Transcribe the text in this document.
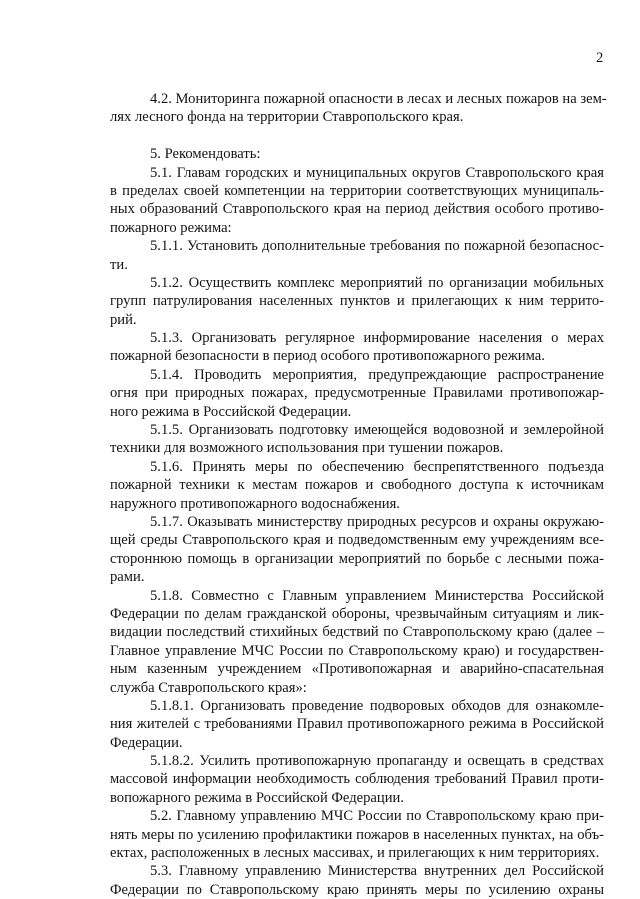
2
4.2. Мониторинга пожарной опасности в лесах и лесных пожаров на зем-
лях лесного фонда на территории Ставропольского края.
5. Рекомендовать:
5.1. Главам городских и муниципальных округов Ставропольского края
в пределах своей компетенции на территории соответствующих муниципаль-
ных образований Ставропольского края на период действия особого противо-
пожарного режима:
5.1.1. Установить дополнительные требования по пожарной безопаснос-
ти.
5.1.2. Осуществить комплекс мероприятий по организации мобильных
групп патрулирования населенных пунктов и прилегающих к ним террито-
рий.
5.1.3. Организовать регулярное информирование населения о мерах
пожарной безопасности в период особого противопожарного режима.
5.1.4. Проводить мероприятия, предупреждающие распространение
огня при природных пожарах, предусмотренные Правилами противопожар-
ного режима в Российской Федерации.
5.1.5. Организовать подготовку имеющейся водовозной и землеройной
техники для возможного использования при тушении пожаров.
5.1.6. Принять меры по обеспечению беспрепятственного подъезда
пожарной техники к местам пожаров и свободного доступа к источникам
наружного противопожарного водоснабжения.
5.1.7. Оказывать министерству природных ресурсов и охраны окружаю-
щей среды Ставропольского края и подведомственным ему учреждениям все-
стороннюю помощь в организации мероприятий по борьбе с лесными пожа-
рами.
5.1.8. Совместно с Главным управлением Министерства Российской
Федерации по делам гражданской обороны, чрезвычайным ситуациям и лик-
видации последствий стихийных бедствий по Ставропольскому краю (далее –
Главное управление МЧС России по Ставропольскому краю) и государствен-
ным казенным учреждением «Противопожарная и аварийно-спасательная
служба Ставропольского края»:
5.1.8.1. Организовать проведение подворовых обходов для ознакомле-
ния жителей с требованиями Правил противопожарного режима в Российской
Федерации.
5.1.8.2. Усилить противопожарную пропаганду и освещать в средствах
массовой информации необходимость соблюдения требований Правил проти-
вопожарного режима в Российской Федерации.
5.2. Главному управлению МЧС России по Ставропольскому краю при-
нять меры по усилению профилактики пожаров в населенных пунктах, на объ-
ектах, расположенных в лесных массивах, и прилегающих к ним территориях.
5.3. Главному управлению Министерства внутренних дел Российской
Федерации по Ставропольскому краю принять меры по усилению охраны
